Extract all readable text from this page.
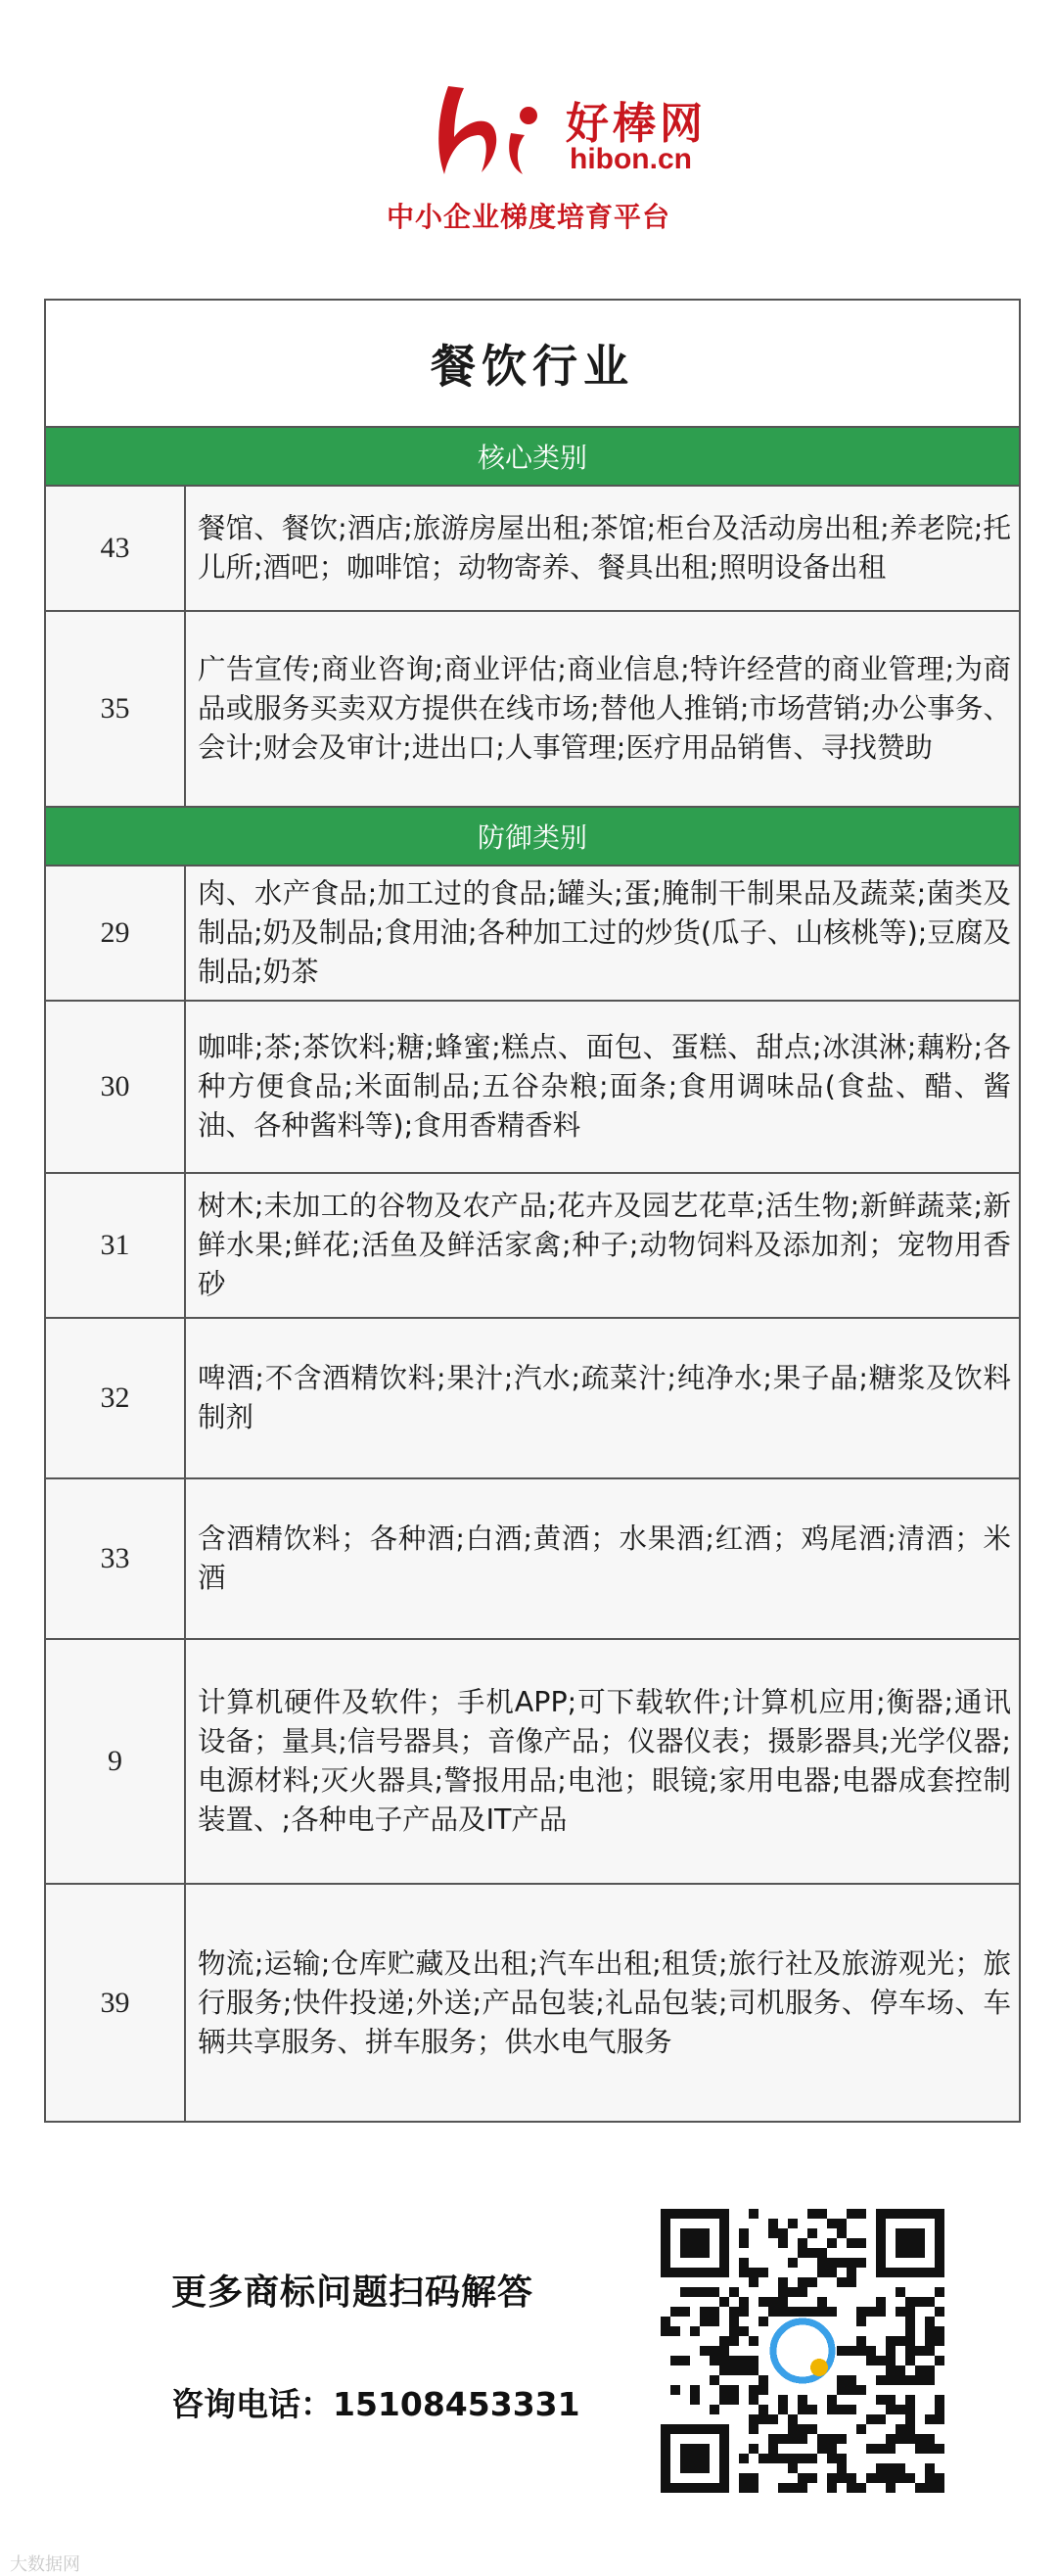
好棒网
hibon.cn
中小企业梯度培育平台
餐饮行业
核心类别
43
餐馆、餐饮;酒店;旅游房屋出租;茶馆;柜台及活动房出租;养老院;托儿所;酒吧；咖啡馆；动物寄养、餐具出租;照明设备出租
35
广告宣传;商业咨询;商业评估;商业信息;特许经营的商业管理;为商品或服务买卖双方提供在线市场;替他人推销;市场营销;办公事务、会计;财会及审计;进出口;人事管理;医疗用品销售、寻找赞助
防御类别
29
肉、水产食品;加工过的食品;罐头;蛋;腌制干制果品及蔬菜;菌类及制品;奶及制品;食用油;各种加工过的炒货(瓜子、山核桃等);豆腐及制品;奶茶
30
咖啡;茶;茶饮料;糖;蜂蜜;糕点、面包、蛋糕、甜点;冰淇淋;藕粉;各种方便食品;米面制品;五谷杂粮;面条;食用调味品(食盐、醋、酱油、各种酱料等);食用香精香料
31
树木;未加工的谷物及农产品;花卉及园艺花草;活生物;新鲜蔬菜;新鲜水果;鲜花;活鱼及鲜活家禽;种子;动物饲料及添加剂；宠物用香砂
32
啤酒;不含酒精饮料;果汁;汽水;疏菜汁;纯净水;果子晶;糖浆及饮料制剂
33
含酒精饮料；各种酒;白酒;黄酒；水果酒;红酒；鸡尾酒;清酒；米酒
9
计算机硬件及软件；手机APP;可下载软件;计算机应用;衡器;通讯设备；量具;信号器具；音像产品；仪器仪表；摄影器具;光学仪器;电源材料;灭火器具;警报用品;电池；眼镜;家用电器;电器成套控制装置、;各种电子产品及IT产品
39
物流;运输;仓库贮藏及出租;汽车出租;租赁;旅行社及旅游观光；旅行服务;快件投递;外送;产品包装;礼品包装;司机服务、停车场、车辆共享服务、拼车服务；供水电气服务
更多商标问题扫码解答
咨询电话：15108453331
大数据网
